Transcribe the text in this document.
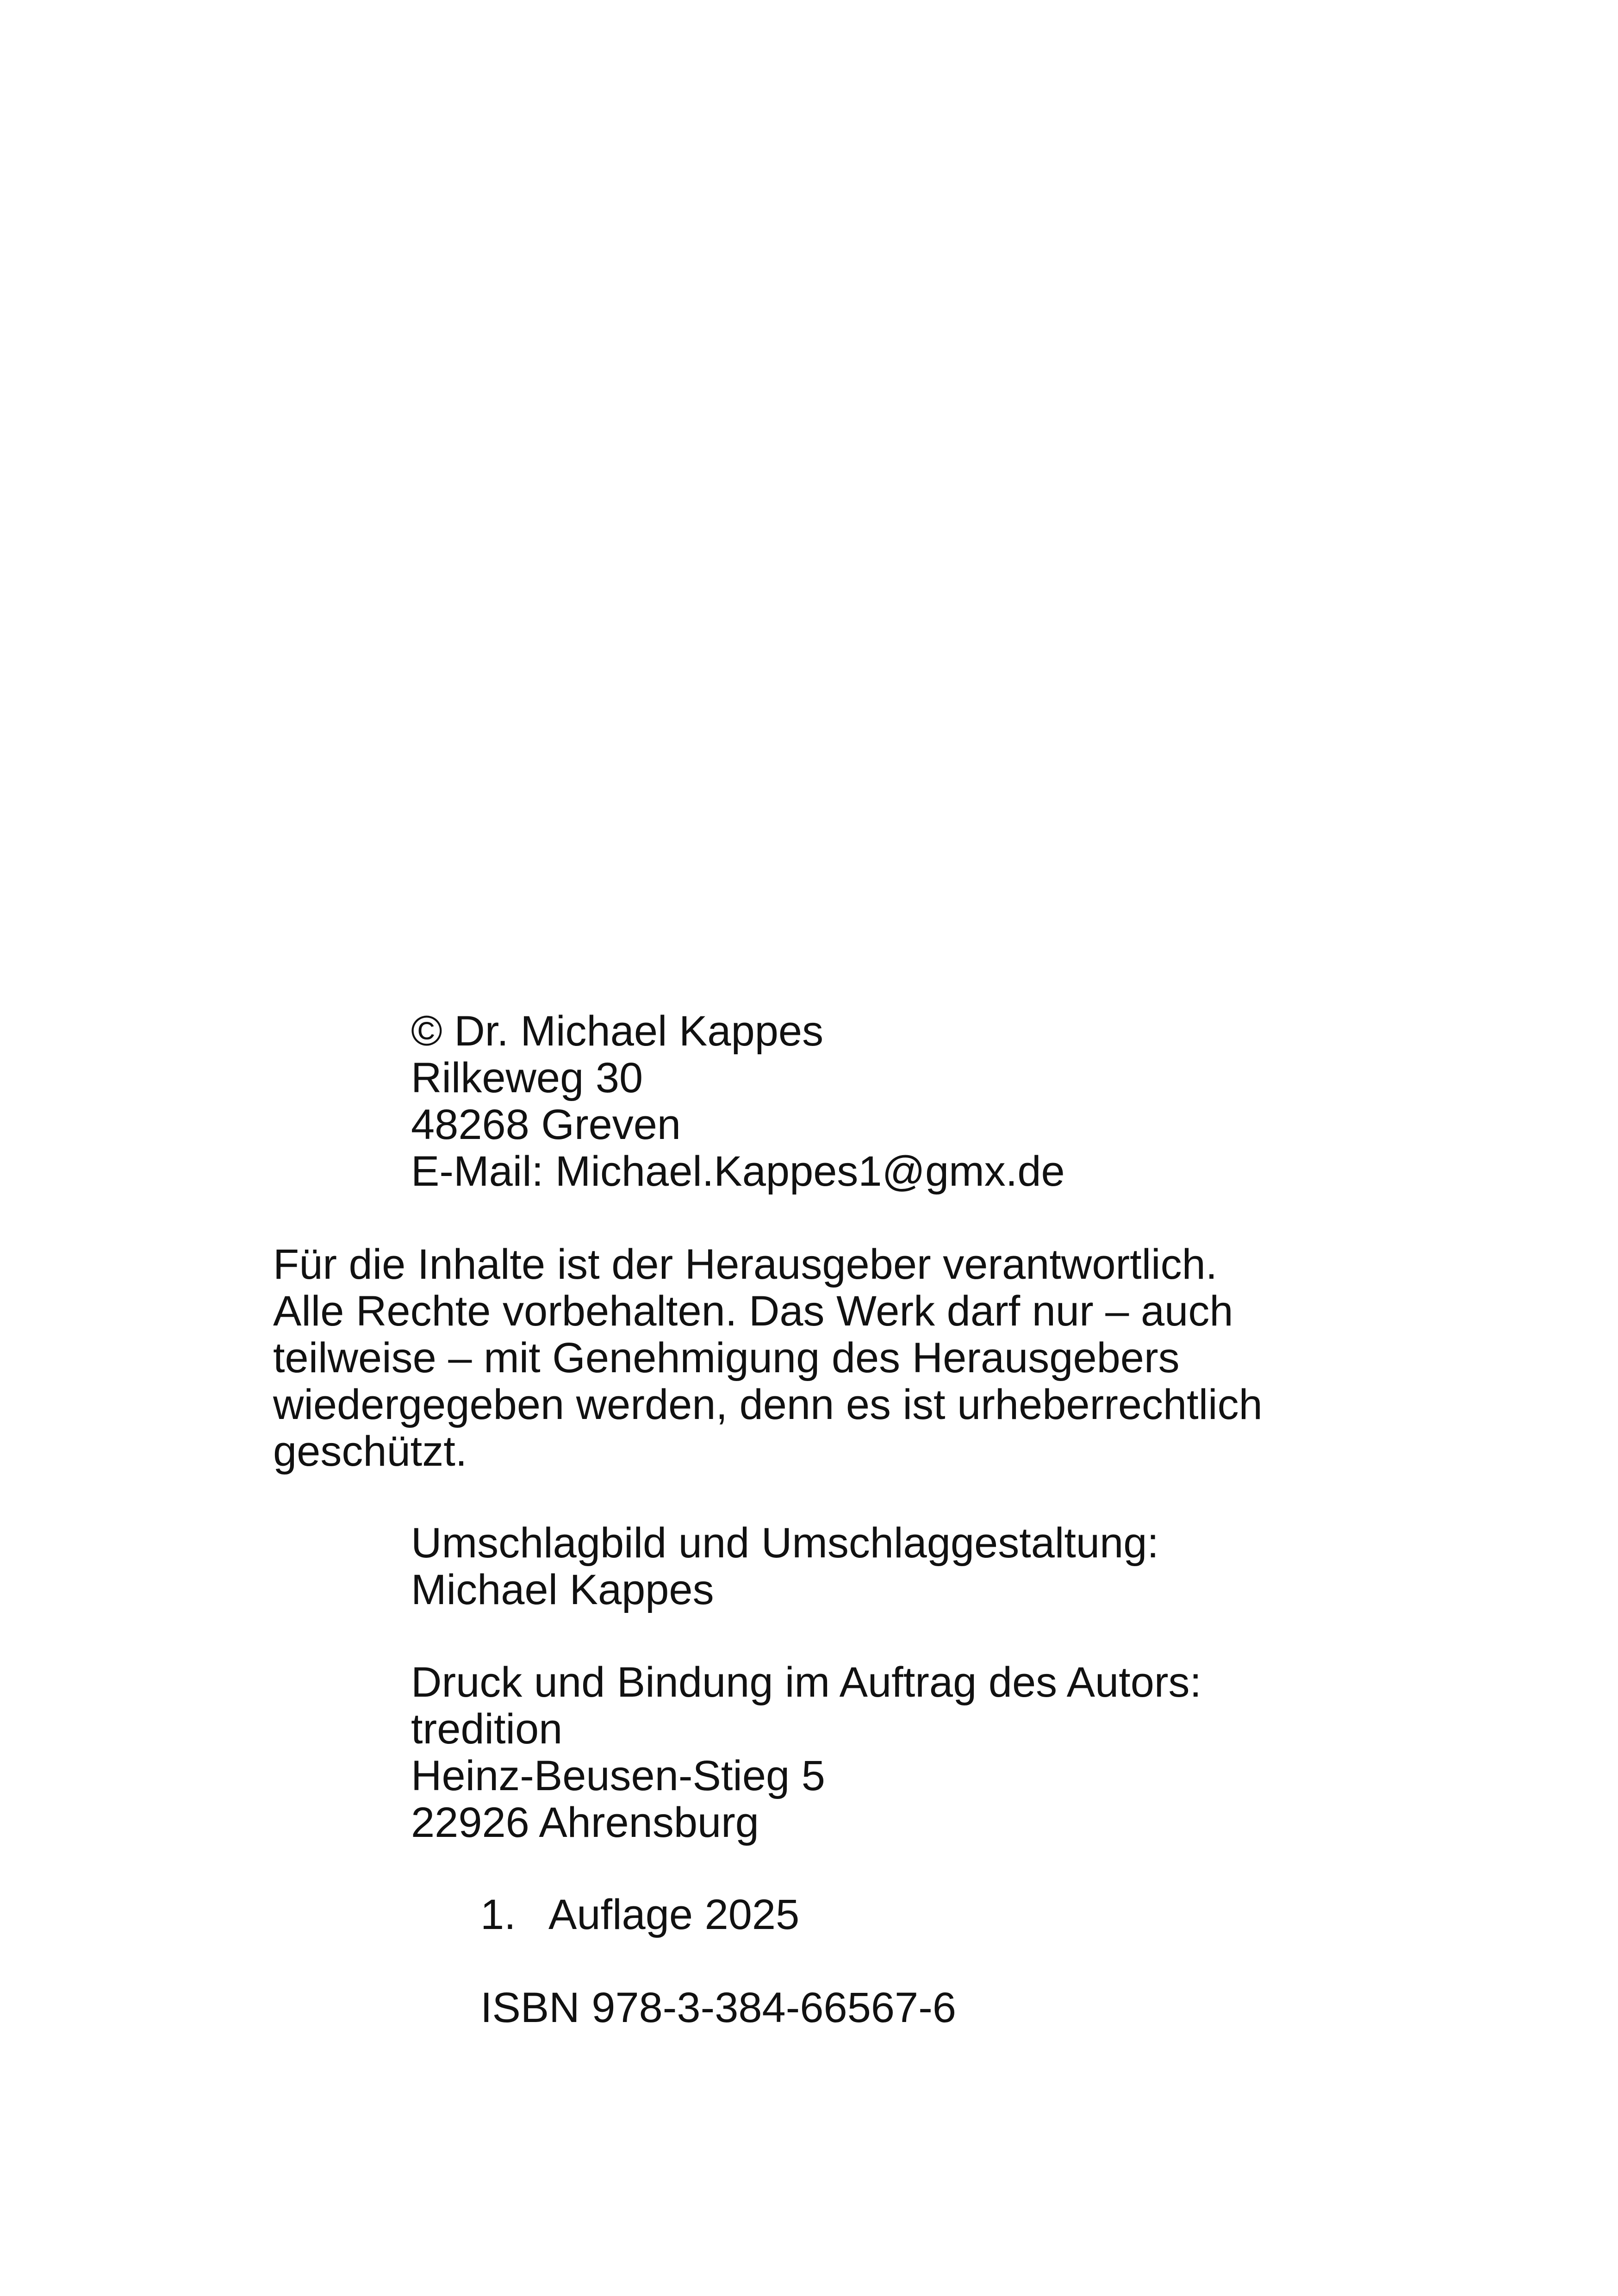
© Dr. Michael Kappes
Rilkeweg 30
48268 Greven
E-Mail: Michael.Kappes1@gmx.de
Für die Inhalte ist der Herausgeber verantwortlich.
Alle Rechte vorbehalten. Das Werk darf nur – auch
teilweise – mit Genehmigung des Herausgebers
wiedergegeben werden, denn es ist urheberrechtlich
geschützt.
Umschlagbild und Umschlaggestaltung:
Michael Kappes
Druck und Bindung im Auftrag des Autors:
tredition
Heinz-Beusen-Stieg 5
22926 Ahrensburg
1. Auflage 2025
ISBN 978-3-384-66567-6
